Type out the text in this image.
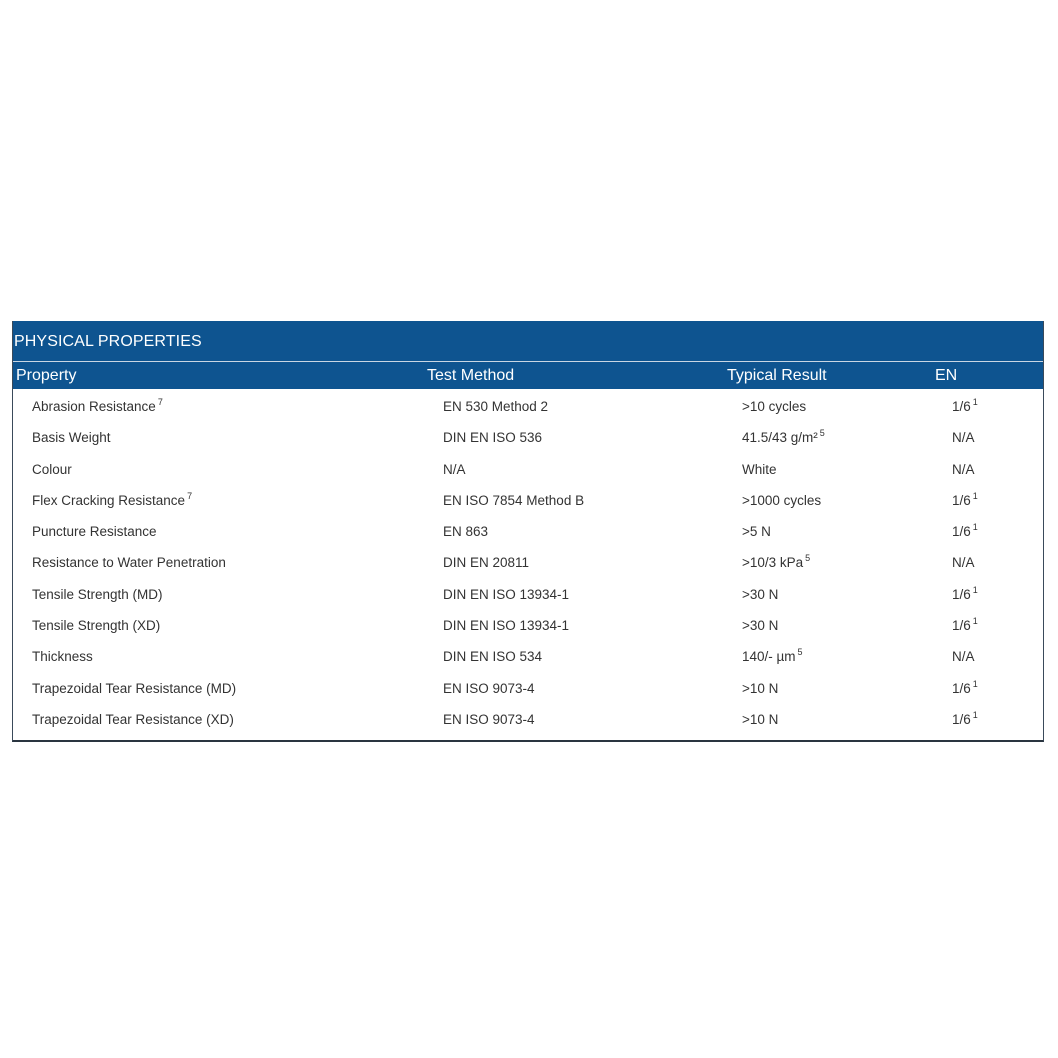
PHYSICAL PROPERTIES
Property	Test Method	Typical Result	EN
Abrasion Resistance $^7$	EN 530 Method 2	>10 cycles	1/6 $^1$
Basis Weight	DIN EN ISO 536	41.5/43 g/m² $^5$	N/A
Colour	N/A	White	N/A
Flex Cracking Resistance $^7$	EN ISO 7854 Method B	>1000 cycles	1/6 $^1$
Puncture Resistance	EN 863	>5 N	1/6 $^1$
Resistance to Water Penetration	DIN EN 20811	>10/3 kPa $^5$	N/A
Tensile Strength (MD)	DIN EN ISO 13934-1	>30 N	1/6 $^1$
Tensile Strength (XD)	DIN EN ISO 13934-1	>30 N	1/6 $^1$
Thickness	DIN EN ISO 534	140/- µm $^5$	N/A
Trapezoidal Tear Resistance (MD)	EN ISO 9073-4	>10 N	1/6 $^1$
Trapezoidal Tear Resistance (XD)	EN ISO 9073-4	>10 N	1/6 $^1$
